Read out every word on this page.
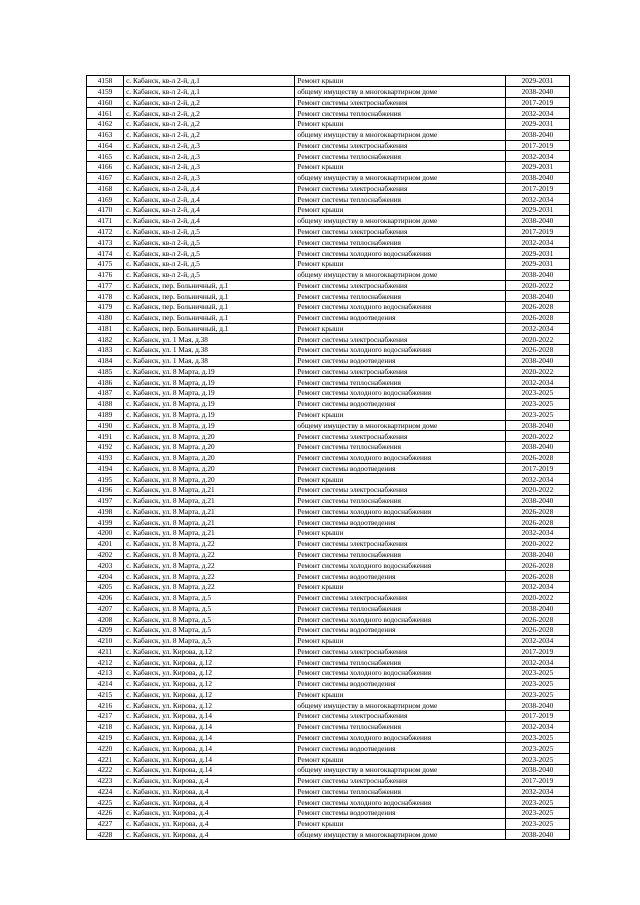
4158	с. Кабанск, кв-л 2-й, д.1	Ремонт крыши	2029-2031
4159	с. Кабанск, кв-л 2-й, д.1	общему имуществу в многоквартирном доме	2038-2040
4160	с. Кабанск, кв-л 2-й, д.2	Ремонт системы электроснабжения	2017-2019
4161	с. Кабанск, кв-л 2-й, д.2	Ремонт системы теплоснабжения	2032-2034
4162	с. Кабанск, кв-л 2-й, д.2	Ремонт крыши	2029-2031
4163	с. Кабанск, кв-л 2-й, д.2	общему имуществу в многоквартирном доме	2038-2040
4164	с. Кабанск, кв-л 2-й, д.3	Ремонт системы электроснабжения	2017-2019
4165	с. Кабанск, кв-л 2-й, д.3	Ремонт системы теплоснабжения	2032-2034
4166	с. Кабанск, кв-л 2-й, д.3	Ремонт крыши	2029-2031
4167	с. Кабанск, кв-л 2-й, д.3	общему имуществу в многоквартирном доме	2038-2040
4168	с. Кабанск, кв-л 2-й, д.4	Ремонт системы электроснабжения	2017-2019
4169	с. Кабанск, кв-л 2-й, д.4	Ремонт системы теплоснабжения	2032-2034
4170	с. Кабанск, кв-л 2-й, д.4	Ремонт крыши	2029-2031
4171	с. Кабанск, кв-л 2-й, д.4	общему имуществу в многоквартирном доме	2038-2040
4172	с. Кабанск, кв-л 2-й, д.5	Ремонт системы электроснабжения	2017-2019
4173	с. Кабанск, кв-л 2-й, д.5	Ремонт системы теплоснабжения	2032-2034
4174	с. Кабанск, кв-л 2-й, д.5	Ремонт системы холодного водоснабжения	2029-2031
4175	с. Кабанск, кв-л 2-й, д.5	Ремонт крыши	2029-2031
4176	с. Кабанск, кв-л 2-й, д.5	общему имуществу в многоквартирном доме	2038-2040
4177	с. Кабанск, пер. Больничный, д.1	Ремонт системы электроснабжения	2020-2022
4178	с. Кабанск, пер. Больничный, д.1	Ремонт системы теплоснабжения	2038-2040
4179	с. Кабанск, пер. Больничный, д.1	Ремонт системы холодного водоснабжения	2026-2028
4180	с. Кабанск, пер. Больничный, д.1	Ремонт системы водоотведения	2026-2028
4181	с. Кабанск, пер. Больничный, д.1	Ремонт крыши	2032-2034
4182	с. Кабанск, ул. 1 Мая, д.38	Ремонт системы электроснабжения	2020-2022
4183	с. Кабанск, ул. 1 Мая, д.38	Ремонт системы холодного водоснабжения	2026-2028
4184	с. Кабанск, ул. 1 Мая, д.38	Ремонт системы водоотведения	2038-2040
4185	с. Кабанск, ул. 8 Марта, д.19	Ремонт системы электроснабжения	2020-2022
4186	с. Кабанск, ул. 8 Марта, д.19	Ремонт системы теплоснабжения	2032-2034
4187	с. Кабанск, ул. 8 Марта, д.19	Ремонт системы холодного водоснабжения	2023-2025
4188	с. Кабанск, ул. 8 Марта, д.19	Ремонт системы водоотведения	2023-2025
4189	с. Кабанск, ул. 8 Марта, д.19	Ремонт крыши	2023-2025
4190	с. Кабанск, ул. 8 Марта, д.19	общему имуществу в многоквартирном доме	2038-2040
4191	с. Кабанск, ул. 8 Марта, д.20	Ремонт системы электроснабжения	2020-2022
4192	с. Кабанск, ул. 8 Марта, д.20	Ремонт системы теплоснабжения	2038-2040
4193	с. Кабанск, ул. 8 Марта, д.20	Ремонт системы холодного водоснабжения	2026-2028
4194	с. Кабанск, ул. 8 Марта, д.20	Ремонт системы водоотведения	2017-2019
4195	с. Кабанск, ул. 8 Марта, д.20	Ремонт крыши	2032-2034
4196	с. Кабанск, ул. 8 Марта, д.21	Ремонт системы электроснабжения	2020-2022
4197	с. Кабанск, ул. 8 Марта, д.21	Ремонт системы теплоснабжения	2038-2040
4198	с. Кабанск, ул. 8 Марта, д.21	Ремонт системы холодного водоснабжения	2026-2028
4199	с. Кабанск, ул. 8 Марта, д.21	Ремонт системы водоотведения	2026-2028
4200	с. Кабанск, ул. 8 Марта, д.21	Ремонт крыши	2032-2034
4201	с. Кабанск, ул. 8 Марта, д.22	Ремонт системы электроснабжения	2020-2022
4202	с. Кабанск, ул. 8 Марта, д.22	Ремонт системы теплоснабжения	2038-2040
4203	с. Кабанск, ул. 8 Марта, д.22	Ремонт системы холодного водоснабжения	2026-2028
4204	с. Кабанск, ул. 8 Марта, д.22	Ремонт системы водоотведения	2026-2028
4205	с. Кабанск, ул. 8 Марта, д.22	Ремонт крыши	2032-2034
4206	с. Кабанск, ул. 8 Марта, д.5	Ремонт системы электроснабжения	2020-2022
4207	с. Кабанск, ул. 8 Марта, д.5	Ремонт системы теплоснабжения	2038-2040
4208	с. Кабанск, ул. 8 Марта, д.5	Ремонт системы холодного водоснабжения	2026-2028
4209	с. Кабанск, ул. 8 Марта, д.5	Ремонт системы водоотведения	2026-2028
4210	с. Кабанск, ул. 8 Марта, д.5	Ремонт крыши	2032-2034
4211	с. Кабанск, ул. Кирова, д.12	Ремонт системы электроснабжения	2017-2019
4212	с. Кабанск, ул. Кирова, д.12	Ремонт системы теплоснабжения	2032-2034
4213	с. Кабанск, ул. Кирова, д.12	Ремонт системы холодного водоснабжения	2023-2025
4214	с. Кабанск, ул. Кирова, д.12	Ремонт системы водоотведения	2023-2025
4215	с. Кабанск, ул. Кирова, д.12	Ремонт крыши	2023-2025
4216	с. Кабанск, ул. Кирова, д.12	общему имуществу в многоквартирном доме	2038-2040
4217	с. Кабанск, ул. Кирова, д.14	Ремонт системы электроснабжения	2017-2019
4218	с. Кабанск, ул. Кирова, д.14	Ремонт системы теплоснабжения	2032-2034
4219	с. Кабанск, ул. Кирова, д.14	Ремонт системы холодного водоснабжения	2023-2025
4220	с. Кабанск, ул. Кирова, д.14	Ремонт системы водоотведения	2023-2025
4221	с. Кабанск, ул. Кирова, д.14	Ремонт крыши	2023-2025
4222	с. Кабанск, ул. Кирова, д.14	общему имуществу в многоквартирном доме	2038-2040
4223	с. Кабанск, ул. Кирова, д.4	Ремонт системы электроснабжения	2017-2019
4224	с. Кабанск, ул. Кирова, д.4	Ремонт системы теплоснабжения	2032-2034
4225	с. Кабанск, ул. Кирова, д.4	Ремонт системы холодного водоснабжения	2023-2025
4226	с. Кабанск, ул. Кирова, д.4	Ремонт системы водоотведения	2023-2025
4227	с. Кабанск, ул. Кирова, д.4	Ремонт крыши	2023-2025
4228	с. Кабанск, ул. Кирова, д.4	общему имуществу в многоквартирном доме	2038-2040
